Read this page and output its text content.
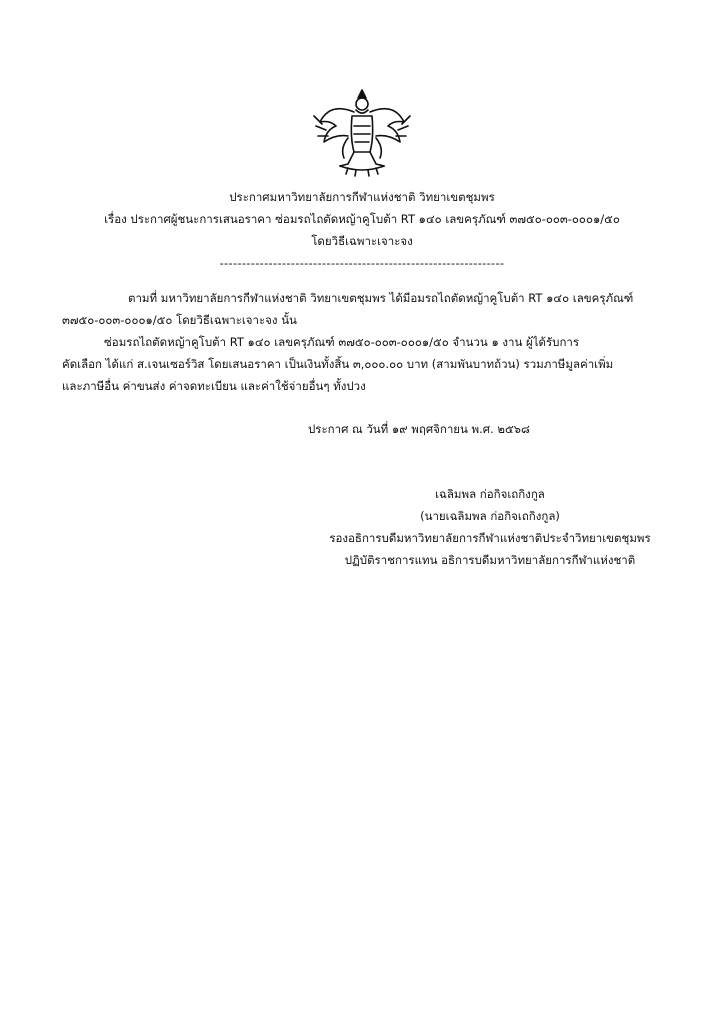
ประกาศมหาวิทยาลัยการกีฬาแห่งชาติ วิทยาเขตชุมพร
เรื่อง ประกาศผู้ชนะการเสนอราคา ซ่อมรถไถตัดหญ้าคูโบต้า RT ๑๔๐ เลขครุภัณฑ์ ๓๗๕๐-๐๐๓-๐๐๐๑/๕๐
โดยวิธีเฉพาะเจาะจง
----------------------------------------------------------------
ตามที่ มหาวิทยาลัยการกีฬาแห่งชาติ วิทยาเขตชุมพร ได้มีอมรถไถตัดหญ้าคูโบต้า RT ๑๔๐ เลขครุภัณฑ์
๓๗๕๐-๐๐๓-๐๐๐๑/๕๐ โดยวิธีเฉพาะเจาะจง นั้น
ซ่อมรถไถตัดหญ้าคูโบต้า RT ๑๔๐ เลขครุภัณฑ์ ๓๗๕๐-๐๐๓-๐๐๐๑/๕๐ จำนวน ๑ งาน ผู้ได้รับการ
คัดเลือก ได้แก่ ส.เจนเซอร์วิส โดยเสนอราคา เป็นเงินทั้งสิ้น ๓,๐๐๐.๐๐ บาท (สามพันบาทถ้วน) รวมภาษีมูลค่าเพิ่ม
และภาษีอื่น ค่าขนส่ง ค่าจดทะเบียน และค่าใช้จ่ายอื่นๆ ทั้งปวง
ประกาศ ณ วันที่ ๑๙ พฤศจิกายน พ.ศ. ๒๕๖๘
เฉลิมพล ก่อกิจเถกิงกูล
(นายเฉลิมพล ก่อกิจเถกิงกูล)
รองอธิการบดีมหาวิทยาลัยการกีฬาแห่งชาติประจำวิทยาเขตชุมพร
ปฏิบัติราชการแทน อธิการบดีมหาวิทยาลัยการกีฬาแห่งชาติ
